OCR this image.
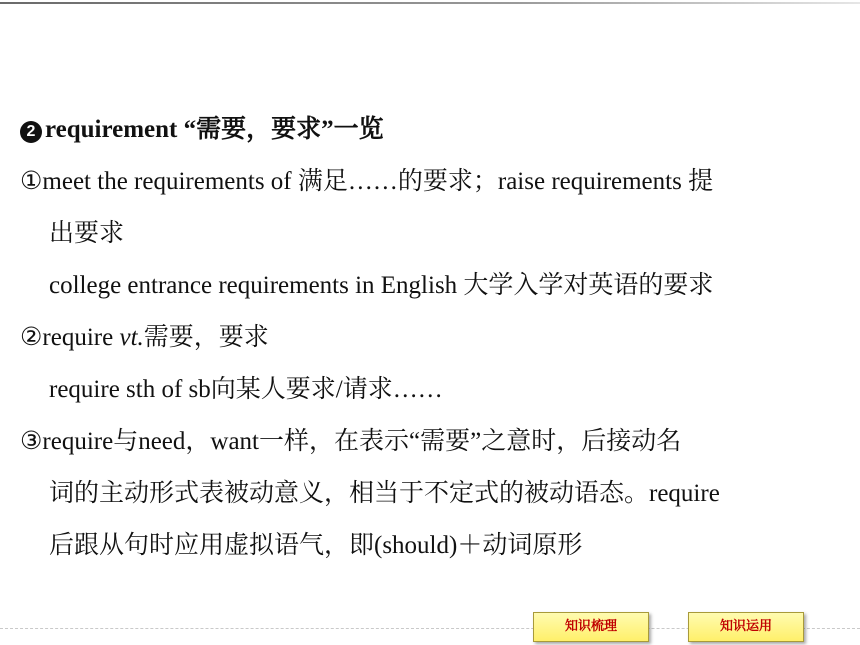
2 requirement “需要，要求”一览
①meet the requirements of 满足……的要求；raise requirements 提
出要求
college entrance requirements in English 大学入学对英语的要求
②require vt.需要，要求
require sth of sb向某人要求/请求……
③require与need，want一样，在表示“需要”之意时，后接动名
词的主动形式表被动意义，相当于不定式的被动语态。require
后跟从句时应用虚拟语气，即(should)＋动词原形
知识梳理	知识运用
